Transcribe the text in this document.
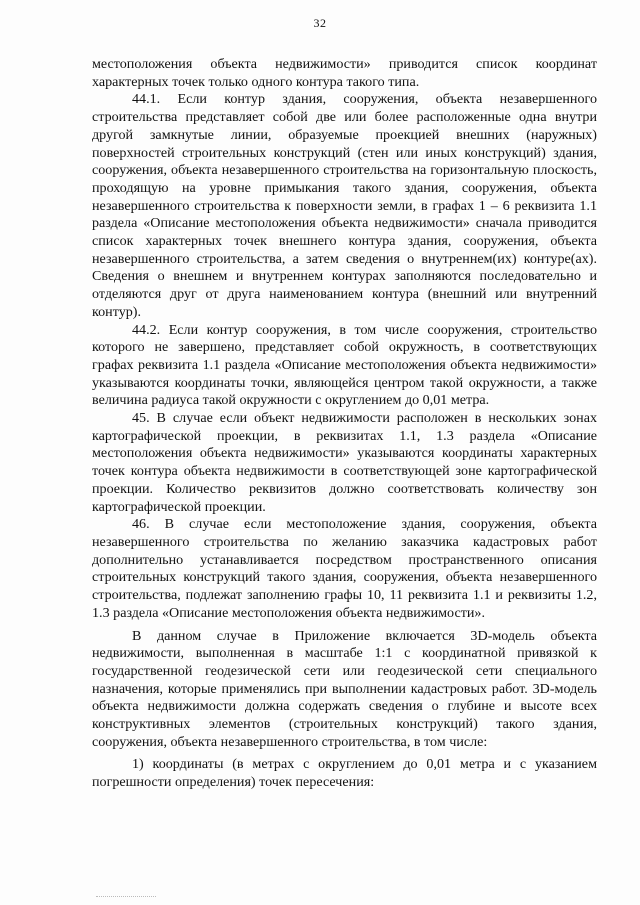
32

местоположения объекта недвижимости» приводится список координат характерных точек только одного контура такого типа.

44.1. Если контур здания, сооружения, объекта незавершенного строительства представляет собой две или более расположенные одна внутри другой замкнутые линии, образуемые проекцией внешних (наружных) поверхностей строительных конструкций (стен или иных конструкций) здания, сооружения, объекта незавершенного строительства на горизонтальную плоскость, проходящую на уровне примыкания такого здания, сооружения, объекта незавершенного строительства к поверхности земли, в графах 1 – 6 реквизита 1.1 раздела «Описание местоположения объекта недвижимости» сначала приводится список характерных точек внешнего контура здания, сооружения, объекта незавершенного строительства, а затем сведения о внутреннем(их) контуре(ах). Сведения о внешнем и внутреннем контурах заполняются последовательно и отделяются друг от друга наименованием контура (внешний или внутренний контур).

44.2. Если контур сооружения, в том числе сооружения, строительство которого не завершено, представляет собой окружность, в соответствующих графах реквизита 1.1 раздела «Описание местоположения объекта недвижимости» указываются координаты точки, являющейся центром такой окружности, а также величина радиуса такой окружности с округлением до 0,01 метра.

45. В случае если объект недвижимости расположен в нескольких зонах картографической проекции, в реквизитах 1.1, 1.3 раздела «Описание местоположения объекта недвижимости» указываются координаты характерных точек контура объекта недвижимости в соответствующей зоне картографической проекции. Количество реквизитов должно соответствовать количеству зон картографической проекции.

46. В случае если местоположение здания, сооружения, объекта незавершенного строительства по желанию заказчика кадастровых работ дополнительно устанавливается посредством пространственного описания строительных конструкций такого здания, сооружения, объекта незавершенного строительства, подлежат заполнению графы 10, 11 реквизита 1.1 и реквизиты 1.2, 1.3 раздела «Описание местоположения объекта недвижимости».

В данном случае в Приложение включается 3D-модель объекта недвижимости, выполненная в масштабе 1:1 с координатной привязкой к государственной геодезической сети или геодезической сети специального назначения, которые применялись при выполнении кадастровых работ. 3D-модель объекта недвижимости должна содержать сведения о глубине и высоте всех конструктивных элементов (строительных конструкций) такого здания, сооружения, объекта незавершенного строительства, в том числе:

1) координаты (в метрах с округлением до 0,01 метра и с указанием погрешности определения) точек пересечения:
